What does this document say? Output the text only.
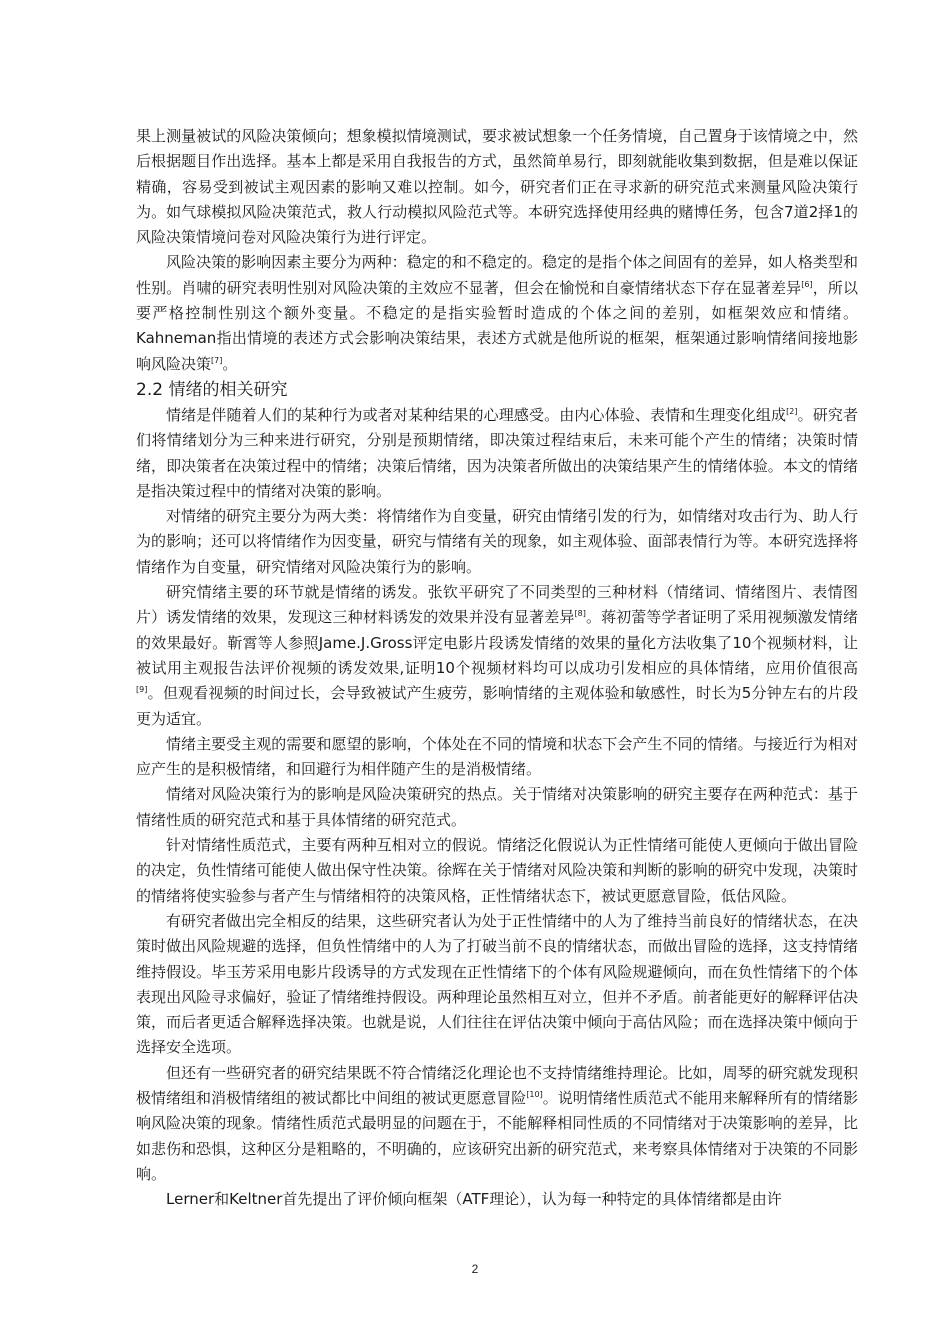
果上测量被试的风险决策倾向；想象模拟情境测试，要求被试想象一个任务情境，自己置身于该情境之中，然后根据题目作出选择。基本上都是采用自我报告的方式，虽然简单易行，即刻就能收集到数据，但是难以保证精确，容易受到被试主观因素的影响又难以控制。如今，研究者们正在寻求新的研究范式来测量风险决策行为。如气球模拟风险决策范式，救人行动模拟风险范式等。本研究选择使用经典的赌博任务，包含7道2择1的风险决策情境问卷对风险决策行为进行评定。

风险决策的影响因素主要分为两种：稳定的和不稳定的。稳定的是指个体之间固有的差异，如人格类型和性别。肖啸的研究表明性别对风险决策的主效应不显著，但会在愉悦和自豪情绪状态下存在显著差异[6]，所以要严格控制性别这个额外变量。不稳定的是指实验暂时造成的个体之间的差别，如框架效应和情绪。Kahneman指出情境的表述方式会影响决策结果，表述方式就是他所说的框架，框架通过影响情绪间接地影响风险决策[7]。

2.2 情绪的相关研究

情绪是伴随着人们的某种行为或者对某种结果的心理感受。由内心体验、表情和生理变化组成[2]。研究者们将情绪划分为三种来进行研究，分别是预期情绪，即决策过程结束后，未来可能个产生的情绪；决策时情绪，即决策者在决策过程中的情绪；决策后情绪，因为决策者所做出的决策结果产生的情绪体验。本文的情绪是指决策过程中的情绪对决策的影响。

对情绪的研究主要分为两大类：将情绪作为自变量，研究由情绪引发的行为，如情绪对攻击行为、助人行为的影响；还可以将情绪作为因变量，研究与情绪有关的现象，如主观体验、面部表情行为等。本研究选择将情绪作为自变量，研究情绪对风险决策行为的影响。

研究情绪主要的环节就是情绪的诱发。张钦平研究了不同类型的三种材料（情绪词、情绪图片、表情图片）诱发情绪的效果，发现这三种材料诱发的效果并没有显著差异[8]。蒋初蕾等学者证明了采用视频激发情绪的效果最好。靳霄等人参照Jame.J.Gross评定电影片段诱发情绪的效果的量化方法收集了10个视频材料，让被试用主观报告法评价视频的诱发效果,证明10个视频材料均可以成功引发相应的具体情绪，应用价值很高[9]。但观看视频的时间过长，会导致被试产生疲劳，影响情绪的主观体验和敏感性，时长为5分钟左右的片段更为适宜。

情绪主要受主观的需要和愿望的影响，个体处在不同的情境和状态下会产生不同的情绪。与接近行为相对应产生的是积极情绪，和回避行为相伴随产生的是消极情绪。

情绪对风险决策行为的影响是风险决策研究的热点。关于情绪对决策影响的研究主要存在两种范式：基于情绪性质的研究范式和基于具体情绪的研究范式。

针对情绪性质范式，主要有两种互相对立的假说。情绪泛化假说认为正性情绪可能使人更倾向于做出冒险的决定，负性情绪可能使人做出保守性决策。徐辉在关于情绪对风险决策和判断的影响的研究中发现，决策时的情绪将使实验参与者产生与情绪相符的决策风格，正性情绪状态下，被试更愿意冒险，低估风险。

有研究者做出完全相反的结果，这些研究者认为处于正性情绪中的人为了维持当前良好的情绪状态，在决策时做出风险规避的选择，但负性情绪中的人为了打破当前不良的情绪状态，而做出冒险的选择，这支持情绪维持假设。毕玉芳采用电影片段诱导的方式发现在正性情绪下的个体有风险规避倾向，而在负性情绪下的个体表现出风险寻求偏好，验证了情绪维持假设。两种理论虽然相互对立，但并不矛盾。前者能更好的解释评估决策，而后者更适合解释选择决策。也就是说，人们往往在评估决策中倾向于高估风险；而在选择决策中倾向于选择安全选项。

但还有一些研究者的研究结果既不符合情绪泛化理论也不支持情绪维持理论。比如，周琴的研究就发现积极情绪组和消极情绪组的被试都比中间组的被试更愿意冒险[10]。说明情绪性质范式不能用来解释所有的情绪影响风险决策的现象。情绪性质范式最明显的问题在于，不能解释相同性质的不同情绪对于决策影响的差异，比如悲伤和恐惧，这种区分是粗略的，不明确的，应该研究出新的研究范式，来考察具体情绪对于决策的不同影响。

Lerner和Keltner首先提出了评价倾向框架（ATF理论），认为每一种特定的具体情绪都是由许

2
